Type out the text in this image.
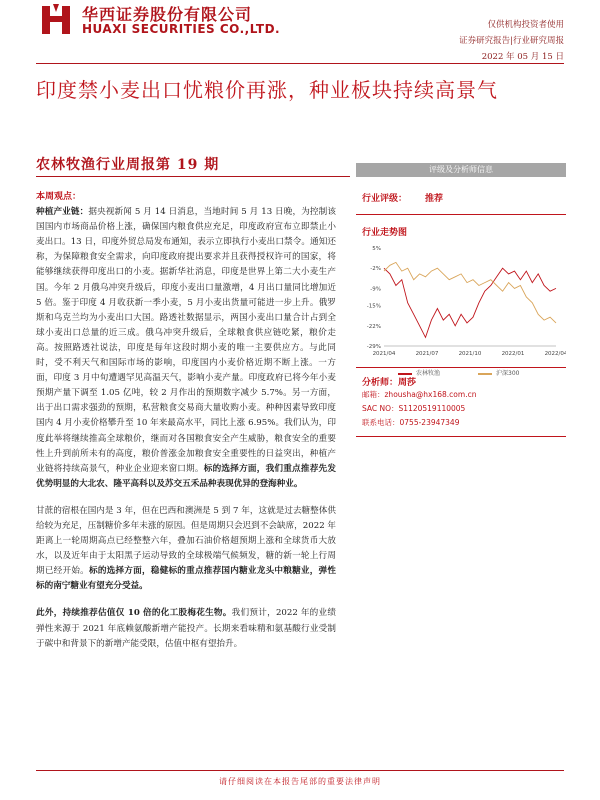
华西证券股份有限公司
HUAXI SECURITIES CO.,LTD.	仅供机构投资者使用
证券研究报告|行业研究周报
2022 年 05 月 15 日
印度禁小麦出口忧粮价再涨，种业板块持续高景气
农林牧渔行业周报第 19 期
本周观点：

种植产业链：据央视新闻 5 月 14 日消息，当地时间 5 月 13 日晚，为控制该国国内市场商品价格上涨，确保国内粮食供应充足，印度政府宣布立即禁止小麦出口。13 日，印度外贸总局发布通知，表示立即执行小麦出口禁令。通知还称，为保障粮食安全需求，向印度政府提出要求并且获得授权许可的国家，将能够继续获得印度出口的小麦。据新华社消息，印度是世界上第二大小麦生产国。今年 2 月俄乌冲突升级后，印度小麦出口量激增，4 月出口量同比增加近 5 倍。鉴于印度 4 月收获新一季小麦，5 月小麦出货量可能进一步上升。俄罗斯和乌克兰均为小麦出口大国。路透社数据显示，两国小麦出口量合计占到全球小麦出口总量的近三成。俄乌冲突升级后，全球粮食供应链吃紧，粮价走高。按照路透社说法，印度是每年这段时期小麦的唯一主要供应方。与此同时，受不利天气和国际市场的影响，印度国内小麦价格近期不断上涨。一方面，印度 3 月中旬遭遇罕见高温天气，影响小麦产量。印度政府已将今年小麦预期产量下调至 1.05 亿吨，较 2 月作出的预期数字减少 5.7%。另一方面，出于出口需求强劲的预期，私营粮食交易商大量收购小麦。种种因素导致印度国内 4 月小麦价格攀升至 10 年来最高水平，同比上涨 6.95%。我们认为，印度此举将继续推高全球粮价，继而对各国粮食安全产生威胁，粮食安全的重要性上升到前所未有的高度，粮价普涨金加粮食安全重要性的日益突出，种植产业链将持续高景气，种业企业迎来窗口期。标的选择方面，我们重点推荐先发优势明显的大北农、隆平高科以及苏交五禾品种表现优异的登海种业。

甘蔗的宿根在国内是 3 年，但在巴西和澳洲是 5 到 7 年，这就是过去糖整体供给较为充足，压制糖价多年未涨的原因。但是周期只会迟到不会缺席，2022 年距离上一轮周期高点已经整整六年，叠加石油价格超预期上涨和全球货币大放水，以及近年由于太阳黑子运动导致的全球极端气候频发，糖的新一轮上行周期已经开始。标的选择方面，稳健标的重点推荐国内糖业龙头中粮糖业，弹性标的南宁糖业有望充分受益。

此外，持续推荐估值仅 10 倍的化工股梅花生物。我们预计，2022 年的业绩弹性来源于 2021 年底赖氨酸新增产能投产。长期来看味精和氨基酸行业受制于碳中和背景下的新增产能受限，估值中枢有望抬升。

评级及分析师信息
行业评级： 推荐
行业走势图
5%
-2%
-9%
-15%
-22%
-29%
2021/04	2021/07	2021/10	2022/01	2022/04
农林牧渔	沪深300
分析师：周莎
邮箱：zhousha@hx168.com.cn
SAC NO：S1120519110005
联系电话：0755-23947349
请仔细阅读在本报告尾部的重要法律声明
